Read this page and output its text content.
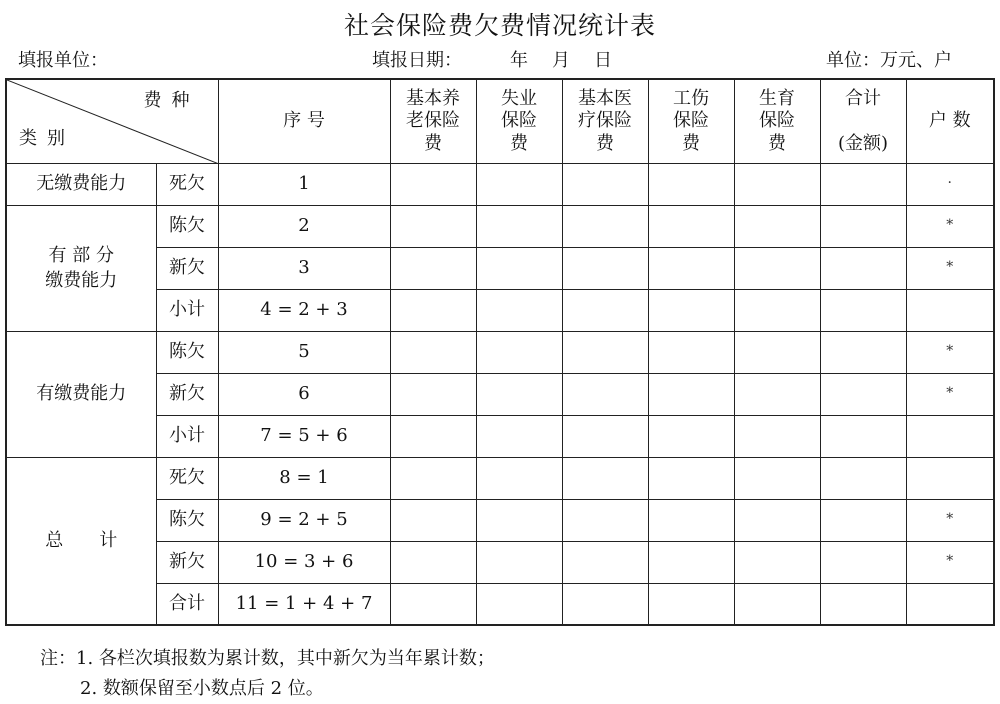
社会保险费欠费情况统计表
填报单位：	填报日期：	年 月 日	单位：万元、户
费种
类别		序 号	基本养
老保险
费	失业
保险
费	基本医
疗保险
费	工伤
保险
费	生育
保险
费	合计

(金额)	户 数
无缴费能力	死欠	1							·
有 部 分
缴费能力	陈欠	2							*
	新欠	3							*
	小计	4 = 2 + 3							
有缴费能力	陈欠	5							*
	新欠	6							*
	小计	7 = 5 + 6							
总　　计	死欠	8 = 1							
	陈欠	9 = 2 + 5							*
	新欠	10 = 3 + 6							*
	合计	11 = 1 + 4 + 7							
注：1. 各栏次填报数为累计数，其中新欠为当年累计数；
2. 数额保留至小数点后 2 位。
